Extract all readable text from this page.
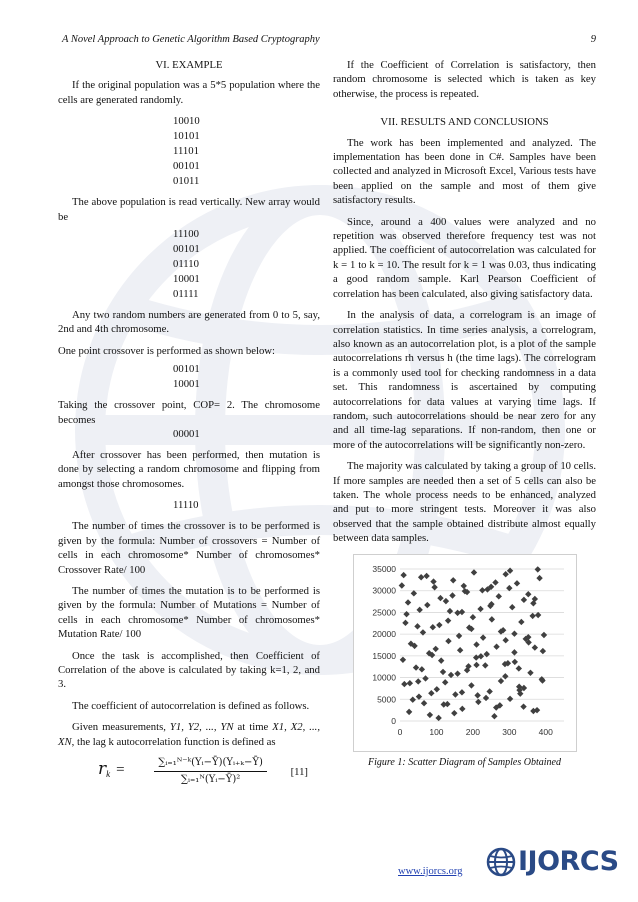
A Novel Approach to Genetic Algorithm Based Cryptography	9
VI. EXAMPLE

If the original population was a 5*5 population where the cells are generated randomly.

10010
10101
11101
00101
01011

The above population is read vertically. New array would be

11100
00101
01110
10001
01111

Any two random numbers are generated from 0 to 5, say, 2nd and 4th chromosome.

One point crossover is performed as shown below:

00101
10001

Taking the crossover point, COP= 2. The chromosome becomes

00001

After crossover has been performed, then mutation is done by selecting a random chromosome and flipping from amongst those chromosomes.

11110

The number of times the crossover is to be performed is given by the formula: Number of crossovers = Number of cells in each chromosome* Number of chromosomes* Crossover Rate/ 100

The number of times the mutation is to be performed is given by the formula: Number of Mutations = Number of cells in each chromosome* Number of chromosomes* Mutation Rate/ 100

Once the task is accomplished, then Coefficient of Correlation of the above is calculated by taking k=1, 2, and 3.

The coefficient of autocorrelation is defined as follows.

Given measurements, Y1, Y2, ..., YN at time X1, X2, ..., XN, the lag k autocorrelation function is defined as

$r_k$ =	$\frac{\text{∑ᵢ₌₁ᴺ⁻ᵏ(Yᵢ−Ȳ)(Yᵢ₊ₖ−Ȳ)}}{\text{∑ᵢ₌₁ᴺ(Yᵢ−Ȳ)²}} [11]$

If the Coefficient of Correlation is satisfactory, then random chromosome is selected which is taken as key otherwise, the process is repeated.

VII. RESULTS AND CONCLUSIONS

The work has been implemented and analyzed. The implementation has been done in C#. Samples have been collected and analyzed in Microsoft Excel, Various tests have been applied on the sample and most of them give satisfactory results.

Since, around a 400 values were analyzed and no repetition was observed therefore frequency test was not applied. The coefficient of autocorrelation was calculated for k = 1 to k = 10. The result for k = 1 was 0.03, thus indicating a good random sample. Karl Pearson Coefficient of correlation has been calculated, also giving satisfactory data.

In the analysis of data, a correlogram is an image of correlation statistics. In time series analysis, a correlogram, also known as an autocorrelation plot, is a plot of the sample autocorrelations rh versus h (the time lags). The correlogram is a commonly used tool for checking randomness in a data set. This randomness is ascertained by computing autocorrelations for data values at varying time lags. If random, such autocorrelations should be near zero for any and all time-lag separations. If non-random, then one or more of the autocorrelations will be significantly non-zero.

The majority was calculated by taking a group of 10 cells. If more samples are needed then a set of 5 cells can also be taken. The whole process needs to be enhanced, analyzed and put to more stringent tests. Moreover it was also observed that the sample obtained distribute almost equally between data samples.

0
5000
10000
15000
20000
25000
30000
35000
0	100	200	300	400
Figure 1: Scatter Diagram of Samples Obtained
www.ijorcs.org IJORCS
